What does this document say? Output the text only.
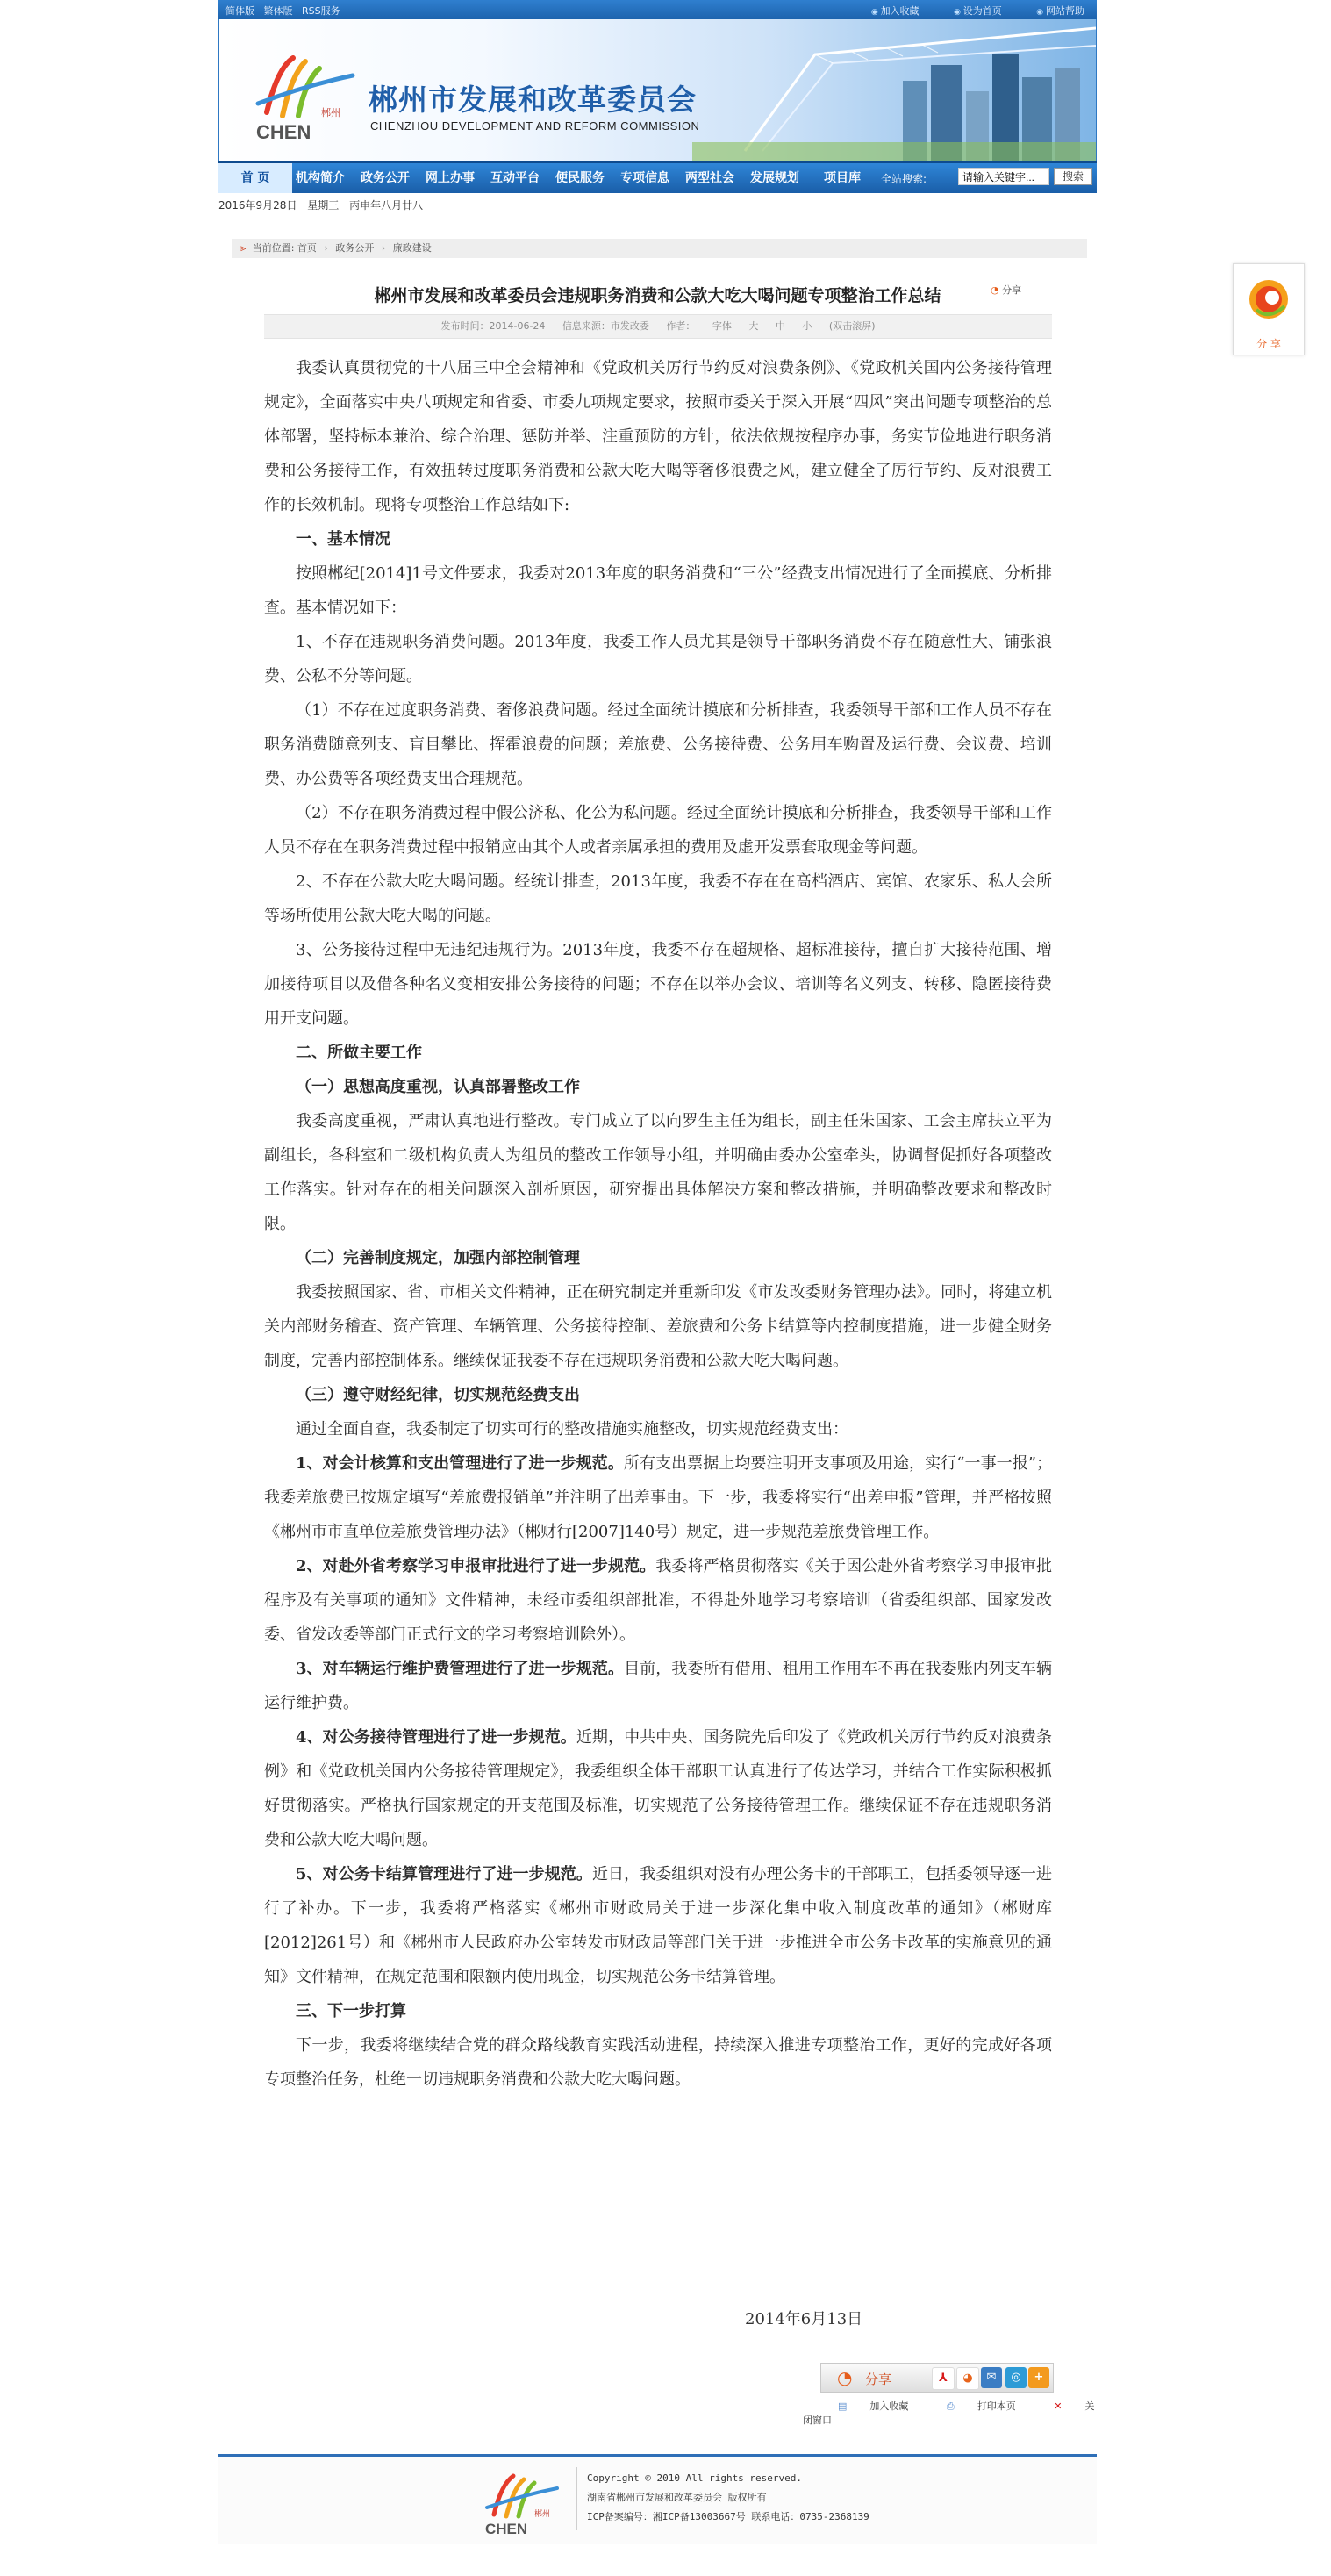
简体版 繁体版 RSS服务	◉ 加入收藏	◉ 设为首页	◉ 网站帮助
郴州
CHEN
郴州市发展和改革委员会
CHENZHOU DEVELOPMENT AND REFORM COMMISSION
首 页	机构简介 政务公开 网上办事 互动平台 便民服务 专项信息 两型社会 发展规划 项目库 全站搜索:
请输入关键字...	搜索
2016年9月28日 星期三 丙申年八月廿八
⪢ 当前位置: 首页 › 政务公开 › 廉政建设
郴州市发展和改革委员会违规职务消费和公款大吃大喝问题专项整治工作总结	◔ 分享
发布时间：2014-06-24 信息来源：市发改委 作者： 字体 大 中 小 (双击滚屏)

我委认真贯彻党的十八届三中全会精神和《党政机关厉行节约反对浪费条例》、《党政机关国内公务接待管理规定》，全面落实中央八项规定和省委、市委九项规定要求，按照市委关于深入开展“四风”突出问题专项整治的总体部署，坚持标本兼治、综合治理、惩防并举、注重预防的方针，依法依规按程序办事，务实节俭地进行职务消费和公务接待工作，有效扭转过度职务消费和公款大吃大喝等奢侈浪费之风，建立健全了厉行节约、反对浪费工作的长效机制。现将专项整治工作总结如下:

一、基本情况

按照郴纪[2014]1号文件要求，我委对2013年度的职务消费和“三公”经费支出情况进行了全面摸底、分析排查。基本情况如下：

1、不存在违规职务消费问题。2013年度，我委工作人员尤其是领导干部职务消费不存在随意性大、铺张浪费、公私不分等问题。

（1）不存在过度职务消费、奢侈浪费问题。经过全面统计摸底和分析排查，我委领导干部和工作人员不存在职务消费随意列支、盲目攀比、挥霍浪费的问题；差旅费、公务接待费、公务用车购置及运行费、会议费、培训费、办公费等各项经费支出合理规范。

（2）不存在职务消费过程中假公济私、化公为私问题。经过全面统计摸底和分析排查，我委领导干部和工作人员不存在在职务消费过程中报销应由其个人或者亲属承担的费用及虚开发票套取现金等问题。

2、不存在公款大吃大喝问题。经统计排查，2013年度，我委不存在在高档酒店、宾馆、农家乐、私人会所等场所使用公款大吃大喝的问题。

3、公务接待过程中无违纪违规行为。2013年度，我委不存在超规格、超标准接待，擅自扩大接待范围、增加接待项目以及借各种名义变相安排公务接待的问题；不存在以举办会议、培训等名义列支、转移、隐匿接待费用开支问题。

二、所做主要工作

（一）思想高度重视，认真部署整改工作

我委高度重视，严肃认真地进行整改。专门成立了以向罗生主任为组长，副主任朱国家、工会主席扶立平为副组长，各科室和二级机构负责人为组员的整改工作领导小组，并明确由委办公室牵头，协调督促抓好各项整改工作落实。针对存在的相关问题深入剖析原因，研究提出具体解决方案和整改措施，并明确整改要求和整改时限。

（二）完善制度规定，加强内部控制管理

我委按照国家、省、市相关文件精神，正在研究制定并重新印发《市发改委财务管理办法》。同时，将建立机关内部财务稽查、资产管理、车辆管理、公务接待控制、差旅费和公务卡结算等内控制度措施，进一步健全财务制度，完善内部控制体系。继续保证我委不存在违规职务消费和公款大吃大喝问题。

（三）遵守财经纪律，切实规范经费支出

通过全面自查，我委制定了切实可行的整改措施实施整改，切实规范经费支出：

1、对会计核算和支出管理进行了进一步规范。所有支出票据上均要注明开支事项及用途，实行“一事一报”；我委差旅费已按规定填写“差旅费报销单”并注明了出差事由。下一步，我委将实行“出差申报”管理，并严格按照《郴州市市直单位差旅费管理办法》（郴财行[2007]140号）规定，进一步规范差旅费管理工作。

2、对赴外省考察学习申报审批进行了进一步规范。我委将严格贯彻落实《关于因公赴外省考察学习申报审批程序及有关事项的通知》文件精神，未经市委组织部批准，不得赴外地学习考察培训（省委组织部、国家发改委、省发改委等部门正式行文的学习考察培训除外）。

3、对车辆运行维护费管理进行了进一步规范。目前，我委所有借用、租用工作用车不再在我委账内列支车辆运行维护费。

4、对公务接待管理进行了进一步规范。近期，中共中央、国务院先后印发了《党政机关厉行节约反对浪费条例》和《党政机关国内公务接待管理规定》，我委组织全体干部职工认真进行了传达学习，并结合工作实际积极抓好贯彻落实。严格执行国家规定的开支范围及标准，切实规范了公务接待管理工作。继续保证不存在违规职务消费和公款大吃大喝问题。

5、对公务卡结算管理进行了进一步规范。近日，我委组织对没有办理公务卡的干部职工，包括委领导逐一进行了补办。下一步，我委将严格落实《郴州市财政局关于进一步深化集中收入制度改革的通知》（郴财库[2012]261号）和《郴州市人民政府办公室转发市财政局等部门关于进一步推进全市公务卡改革的实施意见的通知》文件精神，在规定范围和限额内使用现金，切实规范公务卡结算管理。

三、下一步打算

下一步，我委将继续结合党的群众路线教育实践活动进程，持续深入推进专项整治工作，更好的完成好各项专项整治任务，杜绝一切违规职务消费和公款大吃大喝问题。

2014年6月13日
◔ 分享	⅄	◕	✉	◎	+
▤ 加入收藏	⎙ 打印本页	✕ 关闭窗口
郴州
CHEN
Copyright © 2010 All rights reserved.
湖南省郴州市发展和改革委员会 版权所有
ICP备案编号：湘ICP备13003667号 联系电话：0735-2368139
分 享
